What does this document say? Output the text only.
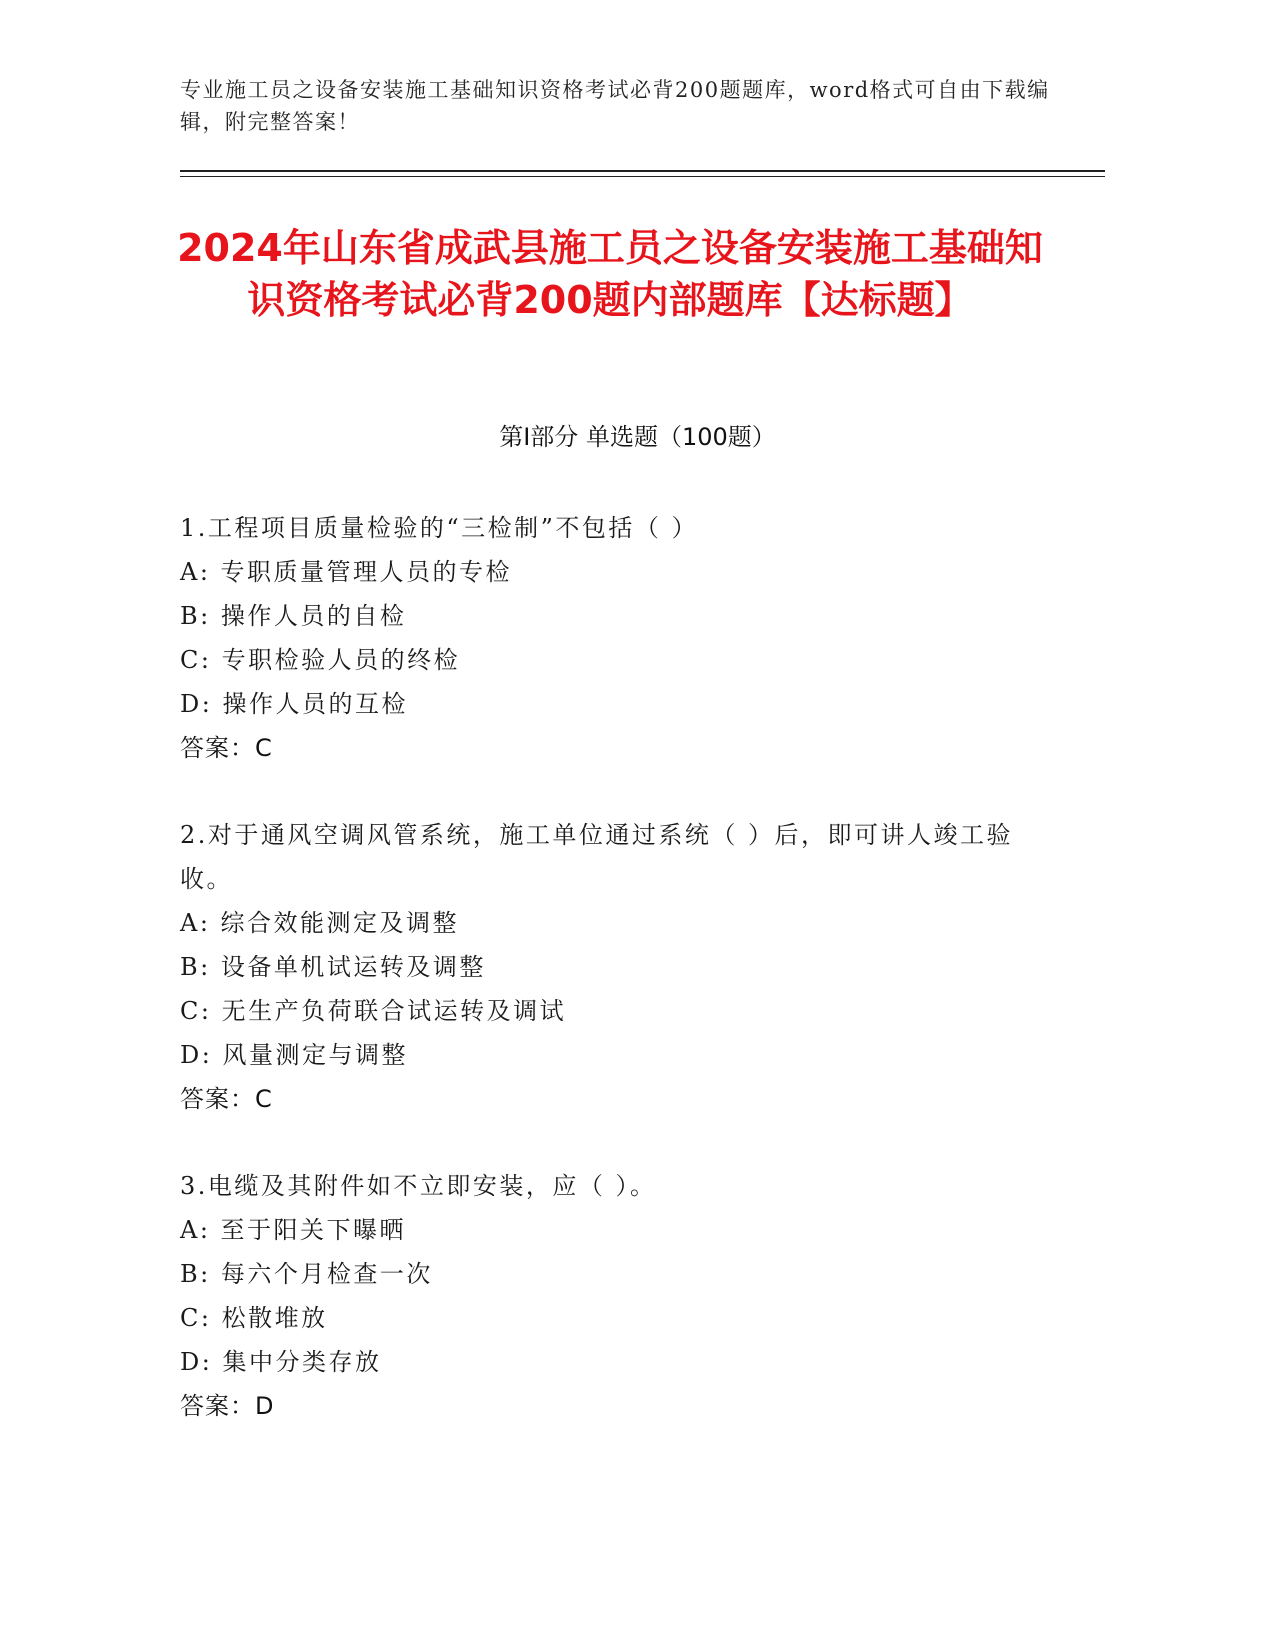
专业施工员之设备安装施工基础知识资格考试必背200题题库，word格式可自由下载编辑，附完整答案！
2024年山东省成武县施工员之设备安装施工基础知识资格考试必背200题内部题库【达标题】
第I部分 单选题（100题）
1.工程项目质量检验的“三检制”不包括（ ）
A: 专职质量管理人员的专检
B: 操作人员的自检
C: 专职检验人员的终检
D: 操作人员的互检
答案：C
2.对于通风空调风管系统，施工单位通过系统（ ）后，即可讲人竣工验收。
A: 综合效能测定及调整
B: 设备单机试运转及调整
C: 无生产负荷联合试运转及调试
D: 风量测定与调整
答案：C
3.电缆及其附件如不立即安装，应（ ）。
A: 至于阳关下曝晒
B: 每六个月检查一次
C: 松散堆放
D: 集中分类存放
答案：D
